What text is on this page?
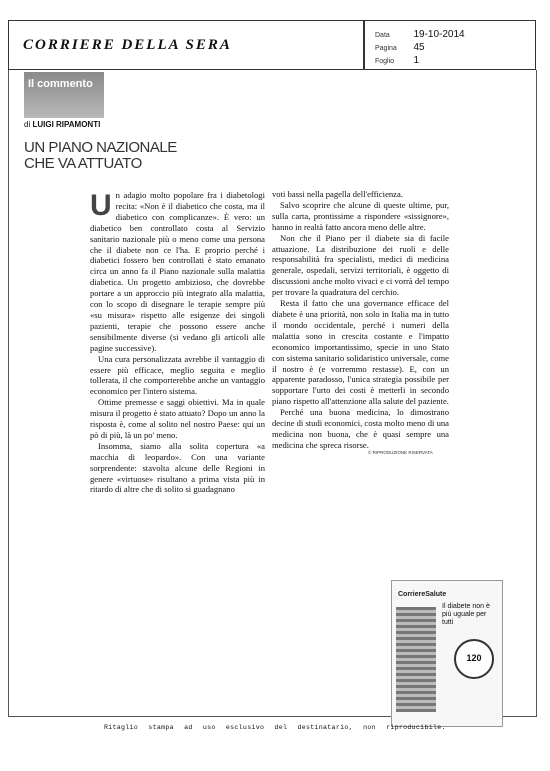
CORRIERE DELLA SERA
Data 19-10-2014
Pagina 45
Foglio 1
Il commento
di LUIGI RIPAMONTI
UN PIANO NAZIONALE
CHE VA ATTUATO

Un adagio molto popolare fra i diabetologi recita: «Non è il diabetico che costa, ma il diabetico con complicanze». È vero: un diabetico ben controllato costa al Servizio sanitario nazionale più o meno come una persona che il diabete non ce l'ha. E proprio perché i diabetici fossero ben controllati è stato emanato circa un anno fa il Piano nazionale sulla malattia diabetica. Un progetto ambizioso, che dovrebbe portare a un approccio più integrato alla malattia, con lo scopo di disegnare le terapie sempre più «su misura» rispetto alle esigenze dei singoli pazienti, terapie che possono essere anche sensibilmente diverse (si vedano gli articoli alle pagine successive).

Una cura personalizzata avrebbe il vantaggio di essere più efficace, meglio seguita e meglio tollerata, il che comporterebbe anche un vantaggio economico per l'intero sistema.

Ottime premesse e saggi obiettivi. Ma in quale misura il progetto è stato attuato? Dopo un anno la risposta è, come al solito nel nostro Paese: qui un pò di più, là un po' meno.

Insomma, siamo alla solita copertura «a macchia di leopardo». Con una variante sorprendente: stavolta alcune delle Regioni in genere «virtuose» risultano a prima vista più in ritardo di altre che di solito si guadagnano

voti bassi nella pagella dell'efficienza.

Salvo scoprire che alcune di queste ultime, pur, sulla carta, prontissime a rispondere «sissignore», hanno in realtà fatto ancora meno delle altre.

Non che il Piano per il diabete sia di facile attuazione. La distribuzione dei ruoli e delle responsabilità fra specialisti, medici di medicina generale, ospedali, servizi territoriali, è oggetto di discussioni anche molto vivaci e ci vorrà del tempo per trovare la quadratura del cerchio.

Resta il fatto che una governance efficace del diabete è una priorità, non solo in Italia ma in tutto il mondo occidentale, perché i numeri della malattia sono in crescita costante e l'impatto economico importantissimo, specie in uno Stato con sistema sanitario solidaristico universale, come il nostro è (e vorremmo restasse). E, con un apparente paradosso, l'unica strategia possibile per sopportare l'urto dei costi è metterli in secondo piano rispetto all'attenzione alla salute del paziente.

Perché una buona medicina, lo dimostrano decine di studi economici, costa molto meno di una medicina non buona, che è quasi sempre una medicina che spreca risorse.

© RIPRODUZIONE RISERVATA
CorriereSalute
Il diabete non è più uguale per tutti
120
Ritaglio stampa ad uso esclusivo del destinatario, non riproducibile.
